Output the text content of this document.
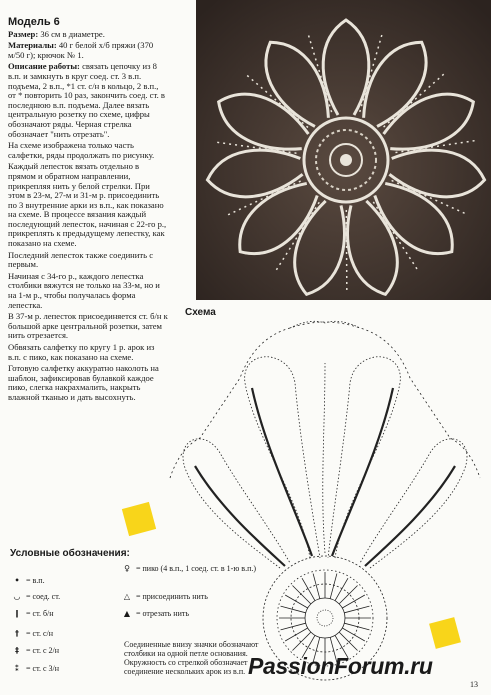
Модель 6

Размер: 36 см в диаметре.

Материалы: 40 г белой х/б пряжи (370 м/50 г); крючок № 1.

Описание работы: связать цепочку из 8 в.п. и замкнуть в круг соед. ст. 3 в.п. подъема, 2 в.п., *1 ст. с/н в кольцо, 2 в.п., от * повторить 10 раз, закончить соед. ст. в последнюю в.п. подъема. Далее вязать центральную розетку по схеме, цифры обозначают ряды. Черная стрелка обозначает "нить отрезать".

На схеме изображена только часть салфетки, ряды продолжать по рисунку.

Каждый лепесток вязать отдельно в прямом и обратном направлении, прикрепляя нить у белой стрелки. При этом в 23-м, 27-м и 31-м р. присоединить по 3 внутренние арки из в.п., как показано на схеме. В процессе вязания каждый последующий лепесток, начиная с 22-го р., прикреплять к предыдущему лепестку, как показано на схеме.

Последний лепесток также соединить с первым.

Начиная с 34-го р., каждого лепестка столбики вяжутся не только на 33-м, но и на 1-м р., чтобы получалась форма лепестка.

В 37-м р. лепесток присоединяется ст. б/н к большой арке центральной розетки, затем нить отрезается.

Обвязать салфетку по кругу 1 р. арок из в.п. с пико, как показано на схеме.

Готовую салфетку аккуратно наколоть на шаблон, зафиксировав булавкой каждое пико, слегка накрахмалить, накрыть влажной тканью и дать высохнуть.

Схема
Условные обозначения:
• = в.п.
◡ = соед. ст.
ǀ = ст. б/н
† = ст. с/н
‡ = ст. с 2/н
⁑ = ст. с 3/н
♀ = пико (4 в.п., 1 соед. ст. в 1-ю в.п.)
△ = присоединить нить
▲ = отрезать нить
Соединенные внизу значки обозначают столбики на одной петле основания. Окружность со стрелкой обозначает соединение нескольких арок из в.п. PassionForum.ru
13
